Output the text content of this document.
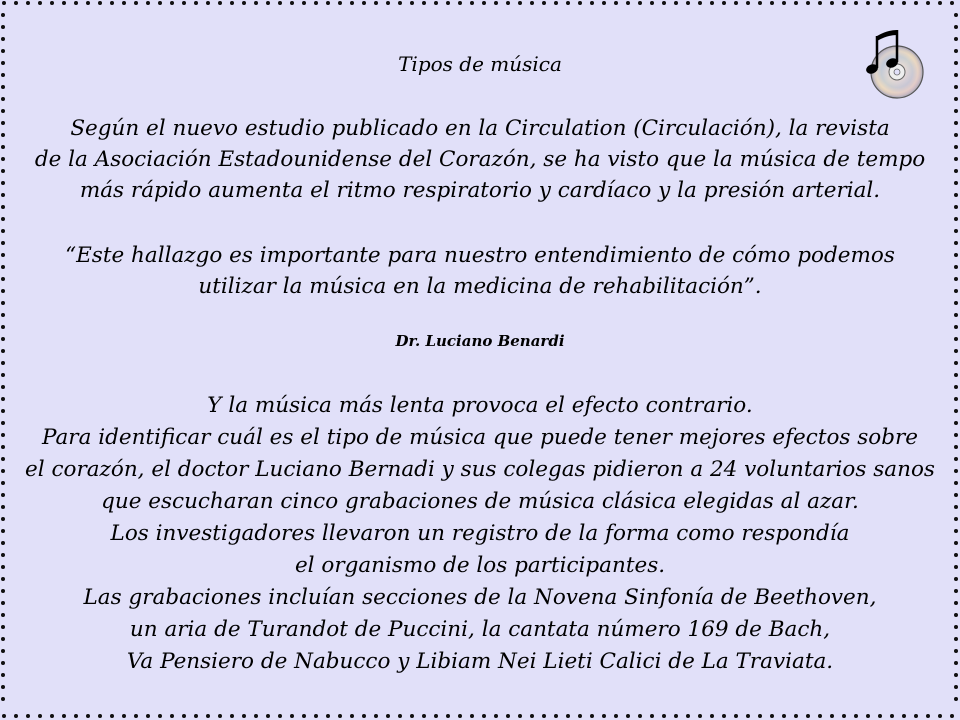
Tipos de música
Según el nuevo estudio publicado en la Circulation (Circulación), la revista
de la Asociación Estadounidense del Corazón, se ha visto que la música de tempo
más rápido aumenta el ritmo respiratorio y cardíaco y la presión arterial.
“Este hallazgo es importante para nuestro entendimiento de cómo podemos
utilizar la música en la medicina de rehabilitación”.
Dr. Luciano Benardi
Y la música más lenta provoca el efecto contrario.
Para identificar cuál es el tipo de música que puede tener mejores efectos sobre
el corazón, el doctor Luciano Bernadi y sus colegas pidieron a 24 voluntarios sanos
que escucharan cinco grabaciones de música clásica elegidas al azar.
Los investigadores llevaron un registro de la forma como respondía
el organismo de los participantes.
Las grabaciones incluían secciones de la Novena Sinfonía de Beethoven,
un aria de Turandot de Puccini, la cantata número 169 de Bach,
Va Pensiero de Nabucco y Libiam Nei Lieti Calici de La Traviata.
